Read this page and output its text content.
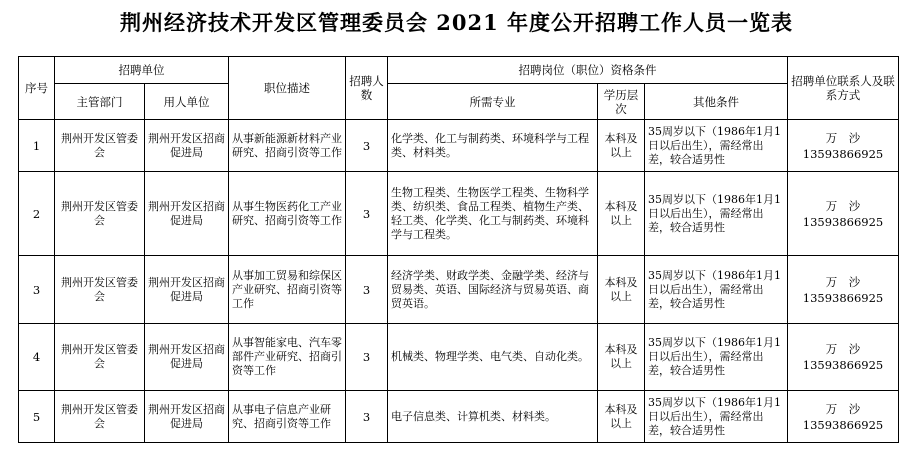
荆州经济技术开发区管理委员会 2021 年度公开招聘工作人员一览表
序号	招聘单位		职位描述	招聘人数	招聘岗位（职位）资格条件			招聘单位联系人及联系方式
	主管部门	用人单位			所需专业	学历层次	其他条件	
1	荆州开发区管委会	荆州开发区招商促进局	从事新能源新材料产业研究、招商引资等工作	3	化学类、化工与制药类、环境科学与工程类、材料类。	本科及以上	35周岁以下（1986年1月1日以后出生），需经常出差，较合适男性	万　沙
13593866925

2	荆州开发区管委会	荆州开发区招商促进局	从事生物医药化工产业研究、招商引资等工作	3	生物工程类、生物医学工程类、生物科学类、纺织类、食品工程类、植物生产类、轻工类、化学类、化工与制药类、环境科学与工程类。	本科及以上	35周岁以下（1986年1月1日以后出生），需经常出差，较合适男性	万　沙
13593866925

3	荆州开发区管委会	荆州开发区招商促进局	从事加工贸易和综保区产业研究、招商引资等工作	3	经济学类、财政学类、金融学类、经济与贸易类、英语、国际经济与贸易英语、商贸英语。	本科及以上	35周岁以下（1986年1月1日以后出生），需经常出差，较合适男性	万　沙
13593866925

4	荆州开发区管委会	荆州开发区招商促进局	从事智能家电、汽车零部件产业研究、招商引资等工作	3	机械类、物理学类、电气类、自动化类。	本科及以上	35周岁以下（1986年1月1日以后出生），需经常出差，较合适男性	万　沙
13593866925

5	荆州开发区管委会	荆州开发区招商促进局	从事电子信息产业研究、招商引资等工作	3	电子信息类、计算机类、材料类。	本科及以上	35周岁以下（1986年1月1日以后出生），需经常出差，较合适男性	万　沙
13593866925
